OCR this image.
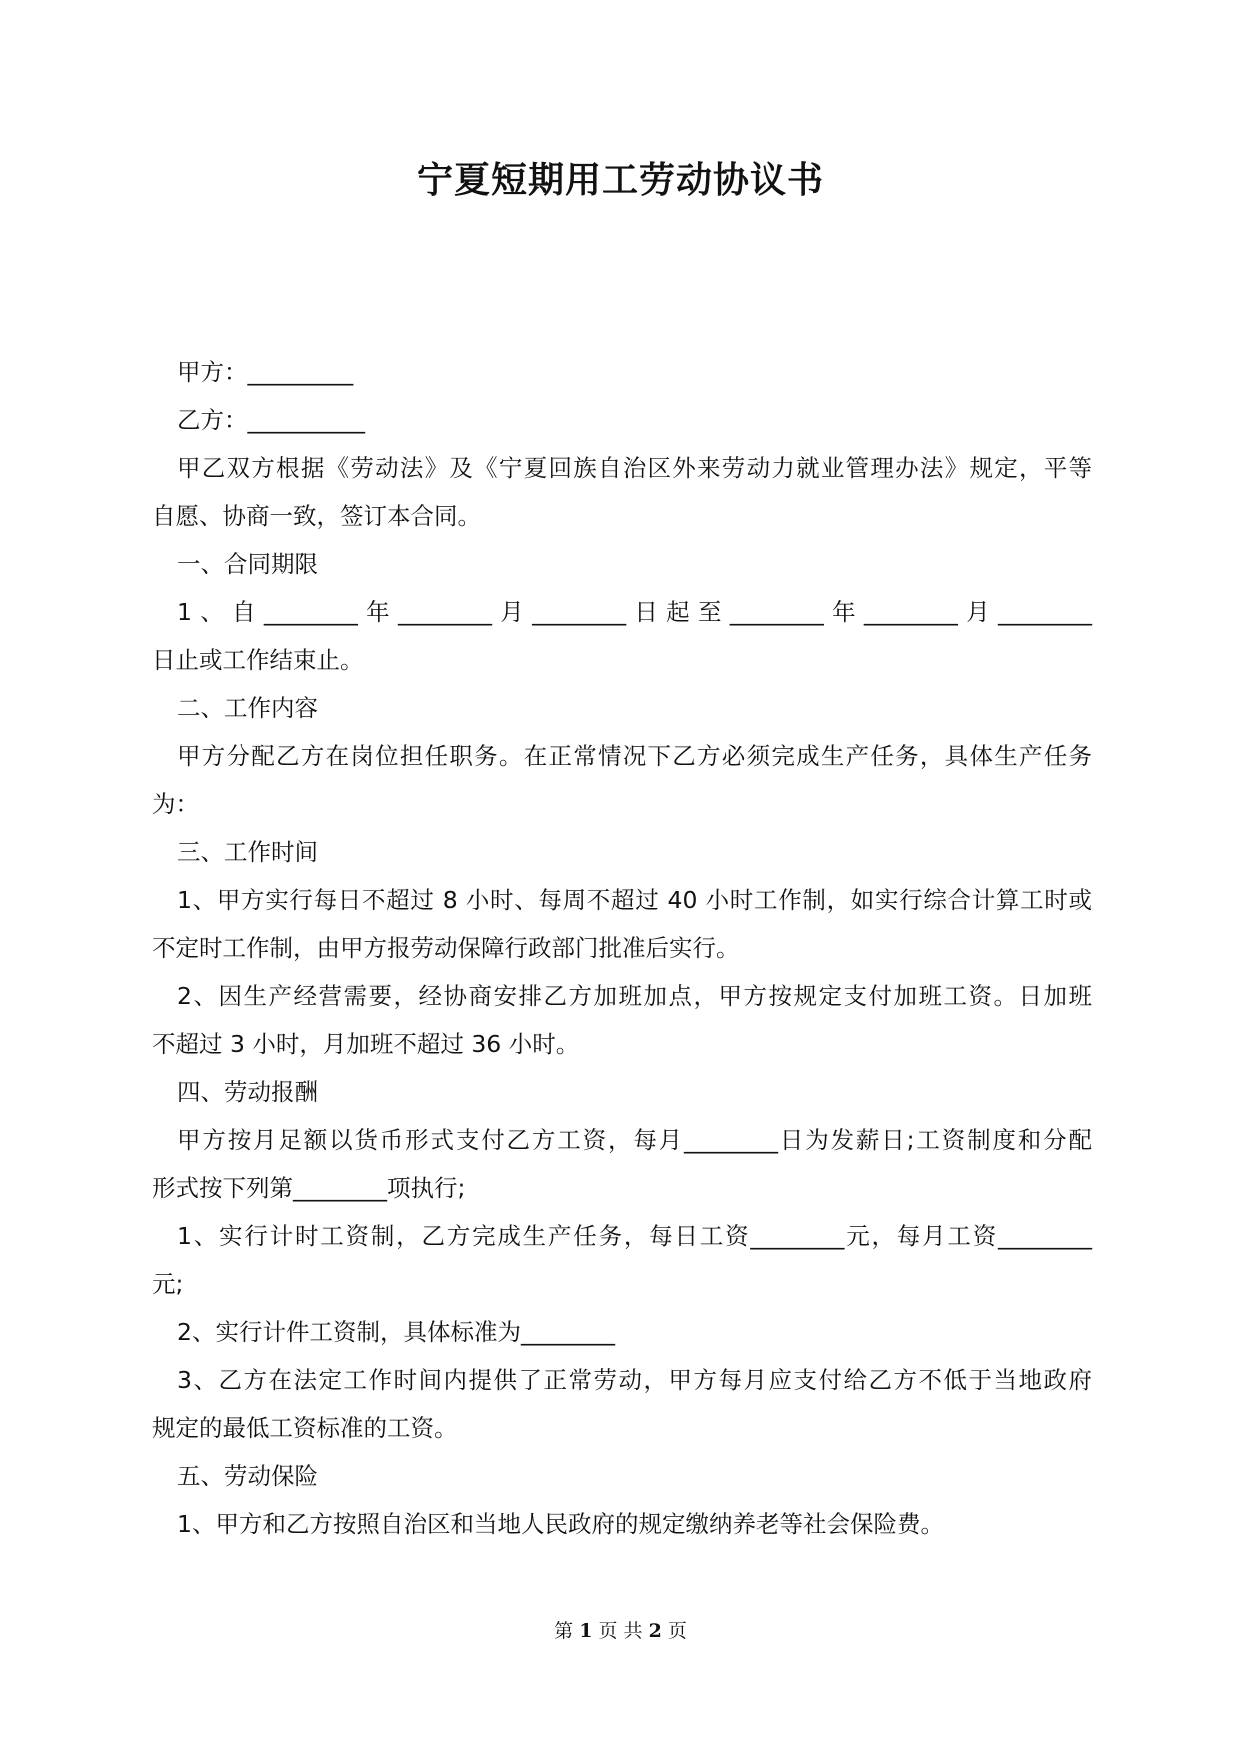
宁夏短期用工劳动协议书
甲方：_________
乙方：__________
甲乙双方根据《劳动法》及《宁夏回族自治区外来劳动力就业管理办法》规定，平等
自愿、协商一致，签订本合同。
一、合同期限
1、自________年________月________日起至________年________月________
日止或工作结束止。
二、工作内容
甲方分配乙方在岗位担任职务。在正常情况下乙方必须完成生产任务，具体生产任务
为：
三、工作时间
1、甲方实行每日不超过 8 小时、每周不超过 40 小时工作制，如实行综合计算工时或
不定时工作制，由甲方报劳动保障行政部门批准后实行。
2、因生产经营需要，经协商安排乙方加班加点，甲方按规定支付加班工资。日加班
不超过 3 小时，月加班不超过 36 小时。
四、劳动报酬
甲方按月足额以货币形式支付乙方工资，每月________日为发薪日;工资制度和分配
形式按下列第________项执行;
1、实行计时工资制，乙方完成生产任务，每日工资________元，每月工资________
元;
2、实行计件工资制，具体标准为________
3、乙方在法定工作时间内提供了正常劳动，甲方每月应支付给乙方不低于当地政府
规定的最低工资标准的工资。
五、劳动保险
1、甲方和乙方按照自治区和当地人民政府的规定缴纳养老等社会保险费。
第 1 页 共 2 页
